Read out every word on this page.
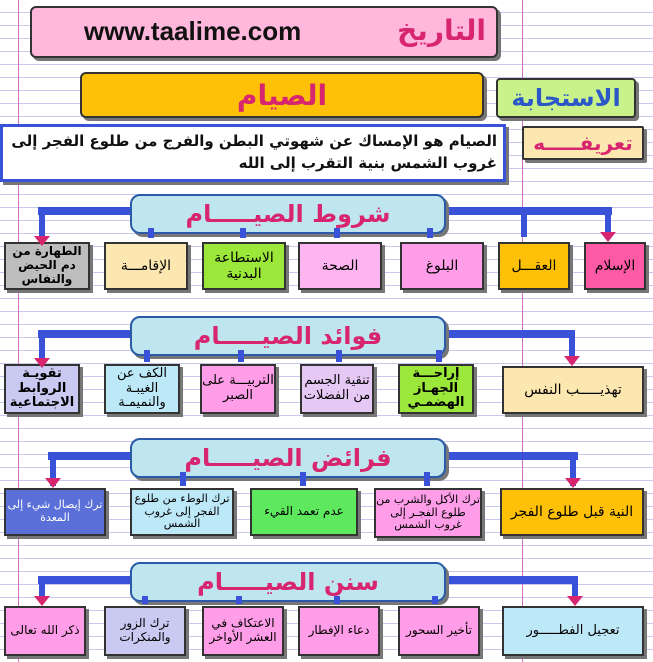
www.taalime.com	التاريخ
الصيام	الاستجابة
الصيام هو الإمساك عن شهوتي البطن والفرج من طلوع الفجر إلى غروب الشمس بنية التقرب إلى الله
تعريفـــــه
شروط الصيـــــام
الإسلام
العقـــل
البلوغ
الصحة
الاستطاعة البدنية
الإقامـــة
الطهارة من دم الحيض والنفاس
فوائد الصيـــــام
تهذيـــــب النفس
إراحـــة الجهـاز الهضمـي
تنقية الجسم من الفضلات
التربيـــة على الصبر
الكف عن الغيبـة والنميمـة
تقويـة الروابط الاجتماعية
فرائض الصيـــــام
النية قبل طلوع الفجر
ترك الأكل والشرب من طلوع الفجـر إلى غروب الشمس
عدم تعمد القيء
ترك الوطء من طلوع الفجر إلى غروب الشمس
ترك إيصال شيء إلى المعدة
سنن الصيـــــام
تعجيل الفطـــــور
تأخير السحور
دعاء الإفطار
الاعتكاف في العشر الأواخر
ترك الزور والمنكرات
ذكر الله تعالى
